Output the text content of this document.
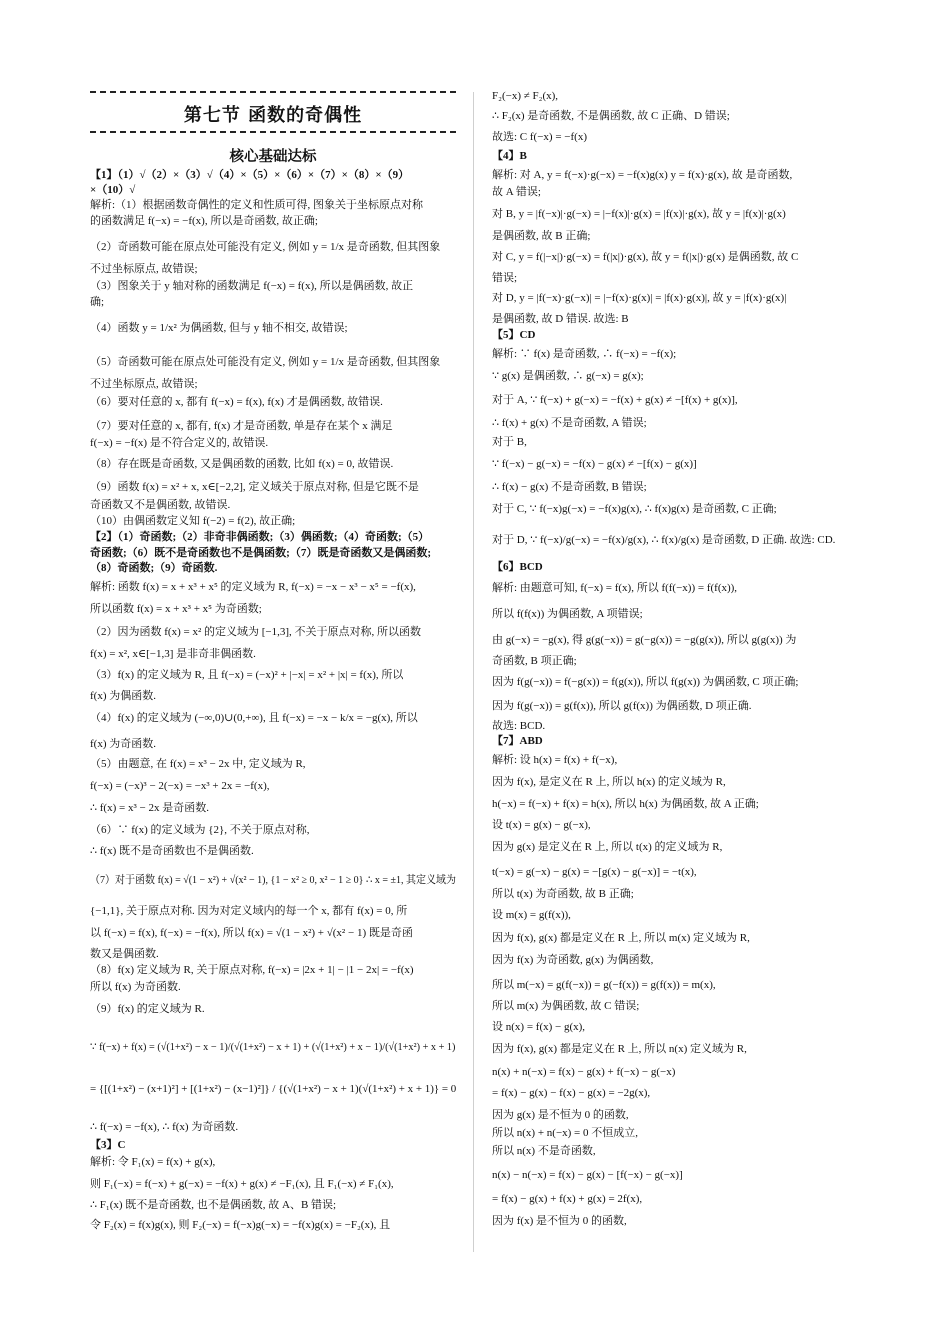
第七节 函数的奇偶性
核心基础达标
【1】（1）√（2）×（3）√（4）×（5）×（6）×（7）×（8）×（9）
×（10）√
解析:（1）根据函数奇偶性的定义和性质可得, 图象关于坐标原点对称
的函数满足 f(−x) = −f(x), 所以是奇函数, 故正确;
（2）奇函数可能在原点处可能没有定义, 例如 y = 1/x 是奇函数, 但其图象
不过坐标原点, 故错误;
（3）图象关于 y 轴对称的函数满足 f(−x) = f(x), 所以是偶函数, 故正
确;
（4）函数 y = 1/x² 为偶函数, 但与 y 轴不相交, 故错误;
（5）奇函数可能在原点处可能没有定义, 例如 y = 1/x 是奇函数, 但其图象
不过坐标原点, 故错误;
（6）要对任意的 x, 都有 f(−x) = f(x), f(x) 才是偶函数, 故错误.
（7）要对任意的 x, 都有, f(x) 才是奇函数, 单是存在某个 x 满足
f(−x) = −f(x) 是不符合定义的, 故错误.
（8）存在既是奇函数, 又是偶函数的函数, 比如 f(x) = 0, 故错误.
（9）函数 f(x) = x² + x, x∈[−2,2], 定义域关于原点对称, 但是它既不是
奇函数又不是偶函数, 故错误.
（10）由偶函数定义知 f(−2) = f(2), 故正确;
【2】（1）奇函数;（2）非奇非偶函数;（3）偶函数;（4）奇函数;（5）
奇函数;（6）既不是奇函数也不是偶函数;（7）既是奇函数又是偶函数;
（8）奇函数;（9）奇函数.
解析: 函数 f(x) = x + x³ + x⁵ 的定义域为 R, f(−x) = −x − x³ − x⁵ = −f(x),
所以函数 f(x) = x + x³ + x⁵ 为奇函数;
（2）因为函数 f(x) = x² 的定义域为 [−1,3], 不关于原点对称, 所以函数
f(x) = x², x∈[−1,3] 是非奇非偶函数.
（3）f(x) 的定义域为 R, 且 f(−x) = (−x)² + |−x| = x² + |x| = f(x), 所以
f(x) 为偶函数.
（4）f(x) 的定义域为 (−∞,0)∪(0,+∞), 且 f(−x) = −x − k/x = −g(x), 所以
f(x) 为奇函数.
（5）由题意, 在 f(x) = x³ − 2x 中, 定义域为 R,
f(−x) = (−x)³ − 2(−x) = −x³ + 2x = −f(x),
∴ f(x) = x³ − 2x 是奇函数.
（6）∵ f(x) 的定义域为 {2}, 不关于原点对称,
∴ f(x) 既不是奇函数也不是偶函数.
（7）对于函数 f(x) = √(1 − x²) + √(x² − 1), {1 − x² ≥ 0, x² − 1 ≥ 0} ∴ x = ±1, 其定义域为
{−1,1}, 关于原点对称. 因为对定义域内的每一个 x, 都有 f(x) = 0, 所
以 f(−x) = f(x), f(−x) = −f(x), 所以 f(x) = √(1 − x²) + √(x² − 1) 既是奇函
数又是偶函数.
（8）f(x) 定义域为 R, 关于原点对称, f(−x) = |2x + 1| − |1 − 2x| = −f(x)
所以 f(x) 为奇函数.
（9）f(x) 的定义域为 R.
∵ f(−x) + f(x) = (√(1+x²) − x − 1)/(√(1+x²) − x + 1) + (√(1+x²) + x − 1)/(√(1+x²) + x + 1)
= {[(1+x²) − (x+1)²] + [(1+x²) − (x−1)²]} / {(√(1+x²) − x + 1)(√(1+x²) + x + 1)} = 0
∴ f(−x) = −f(x), ∴ f(x) 为奇函数.
【3】C
解析: 令 F₁(x) = f(x) + g(x),
则 F₁(−x) = f(−x) + g(−x) = −f(x) + g(x) ≠ −F₁(x), 且 F₁(−x) ≠ F₁(x),
∴ F₁(x) 既不是奇函数, 也不是偶函数, 故 A、B 错误;
令 F₂(x) = f(x)g(x), 则 F₂(−x) = f(−x)g(−x) = −f(x)g(x) = −F₂(x), 且
F₂(−x) ≠ F₂(x),
∴ F₂(x) 是奇函数, 不是偶函数, 故 C 正确、D 错误;
故选: C f(−x) = −f(x)
【4】B
解析: 对 A, y = f(−x)·g(−x) = −f(x)g(x) y = f(x)·g(x), 故 是奇函数,
故 A 错误;
对 B, y = |f(−x)|·g(−x) = |−f(x)|·g(x) = |f(x)|·g(x), 故 y = |f(x)|·g(x)
是偶函数, 故 B 正确;
对 C, y = f(|−x|)·g(−x) = f(|x|)·g(x), 故 y = f(|x|)·g(x) 是偶函数, 故 C
错误;
对 D, y = |f(−x)·g(−x)| = |−f(x)·g(x)| = |f(x)·g(x)|, 故 y = |f(x)·g(x)|
是偶函数, 故 D 错误. 故选: B
【5】CD
解析: ∵ f(x) 是奇函数, ∴ f(−x) = −f(x);
∵ g(x) 是偶函数, ∴ g(−x) = g(x);
对于 A, ∵ f(−x) + g(−x) = −f(x) + g(x) ≠ −[f(x) + g(x)],
∴ f(x) + g(x) 不是奇函数, A 错误;
对于 B,
∵ f(−x) − g(−x) = −f(x) − g(x) ≠ −[f(x) − g(x)]
∴ f(x) − g(x) 不是奇函数, B 错误;
对于 C, ∵ f(−x)g(−x) = −f(x)g(x), ∴ f(x)g(x) 是奇函数, C 正确;
对于 D, ∵ f(−x)/g(−x) = −f(x)/g(x), ∴ f(x)/g(x) 是奇函数, D 正确. 故选: CD.
【6】BCD
解析: 由题意可知, f(−x) = f(x), 所以 f(f(−x)) = f(f(x)),
所以 f(f(x)) 为偶函数, A 项错误;
由 g(−x) = −g(x), 得 g(g(−x)) = g(−g(x)) = −g(g(x)), 所以 g(g(x)) 为
奇函数, B 项正确;
因为 f(g(−x)) = f(−g(x)) = f(g(x)), 所以 f(g(x)) 为偶函数, C 项正确;
因为 f(g(−x)) = g(f(x)), 所以 g(f(x)) 为偶函数, D 项正确.
故选: BCD.
【7】ABD
解析: 设 h(x) = f(x) + f(−x),
因为 f(x), 是定义在 R 上, 所以 h(x) 的定义域为 R,
h(−x) = f(−x) + f(x) = h(x), 所以 h(x) 为偶函数, 故 A 正确;
设 t(x) = g(x) − g(−x),
因为 g(x) 是定义在 R 上, 所以 t(x) 的定义域为 R,
t(−x) = g(−x) − g(x) = −[g(x) − g(−x)] = −t(x),
所以 t(x) 为奇函数, 故 B 正确;
设 m(x) = g(f(x)),
因为 f(x), g(x) 都是定义在 R 上, 所以 m(x) 定义域为 R,
因为 f(x) 为奇函数, g(x) 为偶函数,
所以 m(−x) = g(f(−x)) = g(−f(x)) = g(f(x)) = m(x),
所以 m(x) 为偶函数, 故 C 错误;
设 n(x) = f(x) − g(x),
因为 f(x), g(x) 都是定义在 R 上, 所以 n(x) 定义域为 R,
n(x) + n(−x) = f(x) − g(x) + f(−x) − g(−x)
= f(x) − g(x) − f(x) − g(x) = −2g(x),
因为 g(x) 是不恒为 0 的函数,
所以 n(x) + n(−x) = 0 不恒成立,
所以 n(x) 不是奇函数,
n(x) − n(−x) = f(x) − g(x) − [f(−x) − g(−x)]
= f(x) − g(x) + f(x) + g(x) = 2f(x),
因为 f(x) 是不恒为 0 的函数,
